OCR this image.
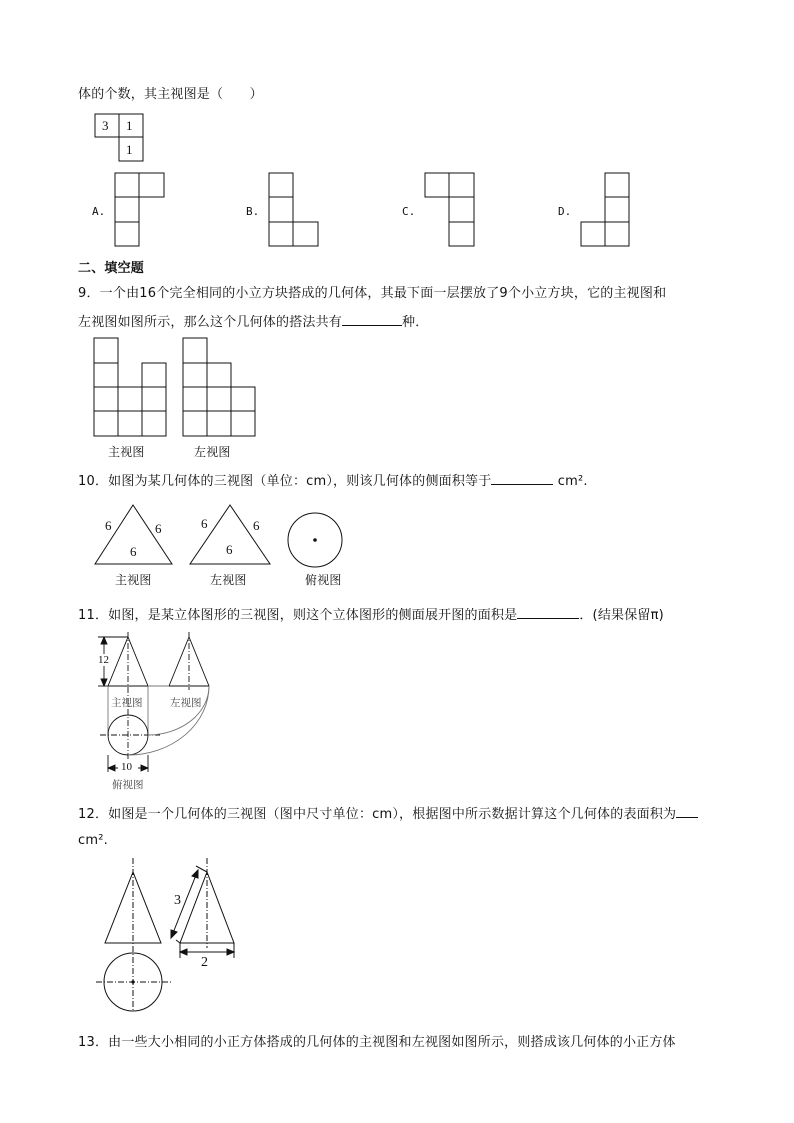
体的个数，其主视图是（　　）
3 1
1
A.	B.	C.	D.
二、填空题
9．一个由16个完全相同的小立方块搭成的几何体，其最下面一层摆放了9个小立方块，它的主视图和
左视图如图所示，那么这个几何体的搭法共有	种．
主视图	左视图
10．如图为某几何体的三视图（单位：cm），则该几何体的侧面积等于	cm².
6	6
6
6	6
6
主视图	左视图	俯视图
11．如图，是某立体图形的三视图，则这个立体图形的侧面展开图的面积是	．(结果保留π)
12
10
主视图	左视图
俯视图
12．如图是一个几何体的三视图（图中尺寸单位：cm），根据图中所示数据计算这个几何体的表面积为
cm².
3
2
13．由一些大小相同的小正方体搭成的几何体的主视图和左视图如图所示，则搭成该几何体的小正方体
